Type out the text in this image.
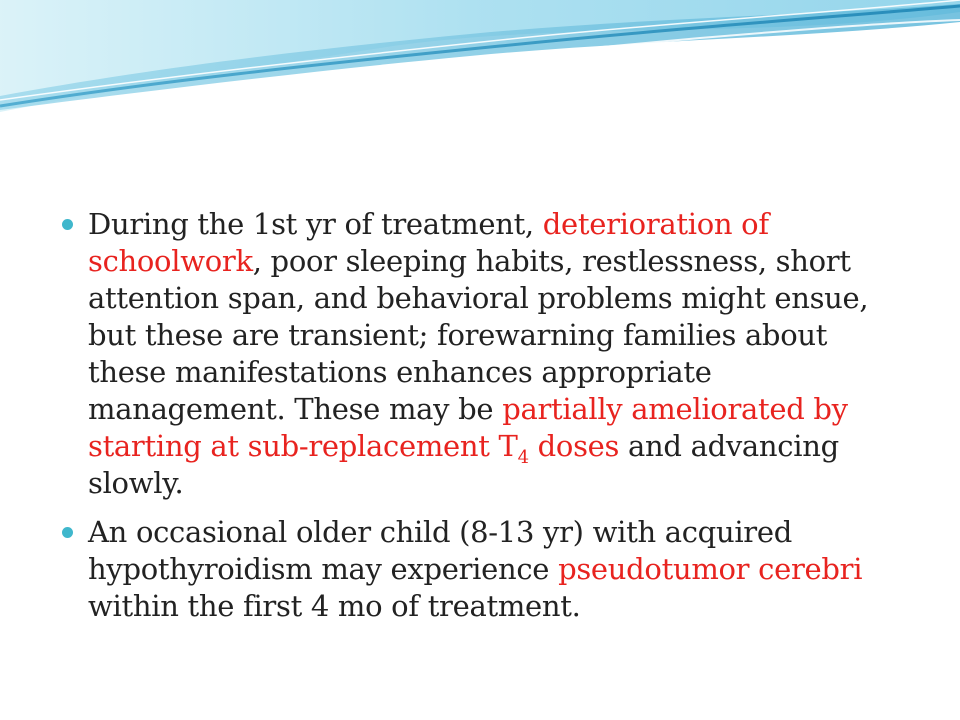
During the 1st yr of treatment, deterioration of schoolwork, poor sleeping habits, restlessness, short attention span, and behavioral problems might ensue, but these are transient; forewarning families about these manifestations enhances appropriate management. These may be partially ameliorated by starting at sub-replacement $T_4$ doses and advancing slowly.
An occasional older child (8-13 yr) with acquired hypothyroidism may experience pseudotumor cerebri within the first 4 mo of treatment.
